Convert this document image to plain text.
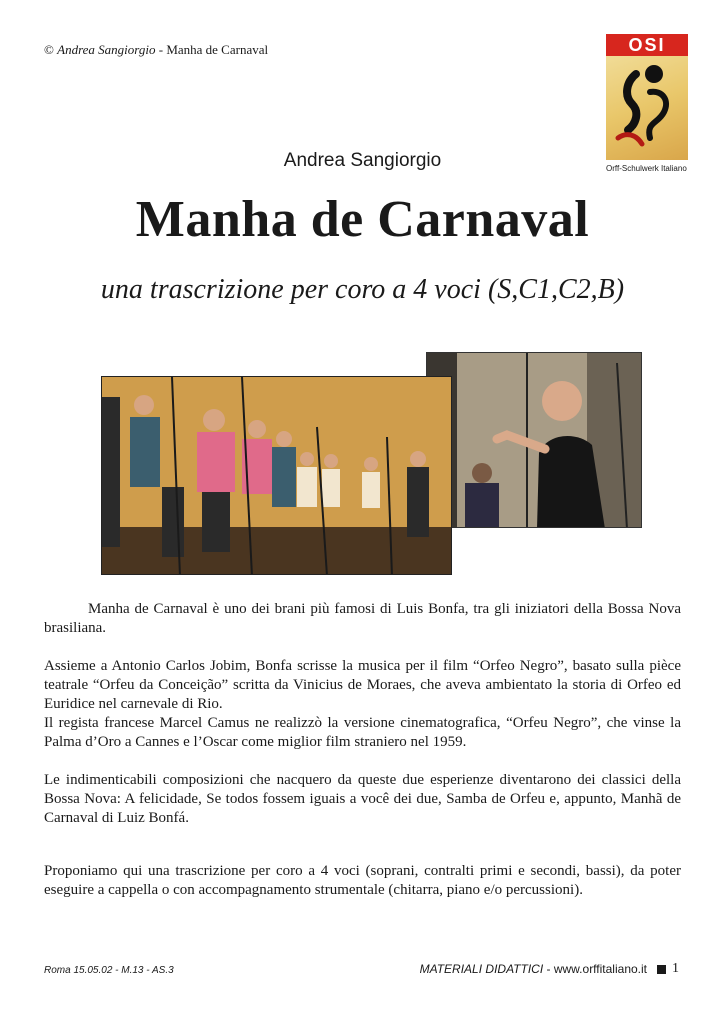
© Andrea Sangiorgio - Manha de Carnaval	OSI
Orff-Schulwerk Italiano
Andrea Sangiorgio
Manha de Carnaval
una trascrizione per coro a 4 voci (S,C1,C2,B)

Manha de Carnaval è uno dei brani più famosi di Luis Bonfa, tra gli iniziatori della Bossa Nova brasiliana.

Assieme a Antonio Carlos Jobim, Bonfa scrisse la musica per il film “Orfeo Negro”, basato sulla pièce teatrale “Orfeu da Conceição” scritta da Vinicius de Moraes, che aveva ambientato la storia di Orfeo ed Euridice nel carnevale di Rio.

Il regista francese Marcel Camus ne realizzò la versione cinematografica, “Orfeu Negro”, che vinse la Palma d’Oro a Cannes e l’Oscar come miglior film straniero nel 1959.

Le indimenticabili composizioni che nacquero da queste due esperienze diventarono dei classici della Bossa Nova: A felicidade, Se todos fossem iguais a você dei due, Samba de Orfeu e, appunto, Manhã de Carnaval di Luiz Bonfá.

Proponiamo qui una trascrizione per coro a 4 voci (soprani, contralti primi e secondi, bassi), da poter eseguire a cappella o con accompagnamento strumentale (chitarra, piano e/o percussioni).

Roma 15.05.02 - M.13 - AS.3	MATERIALI DIDATTICI - www.orffitaliano.it 1
